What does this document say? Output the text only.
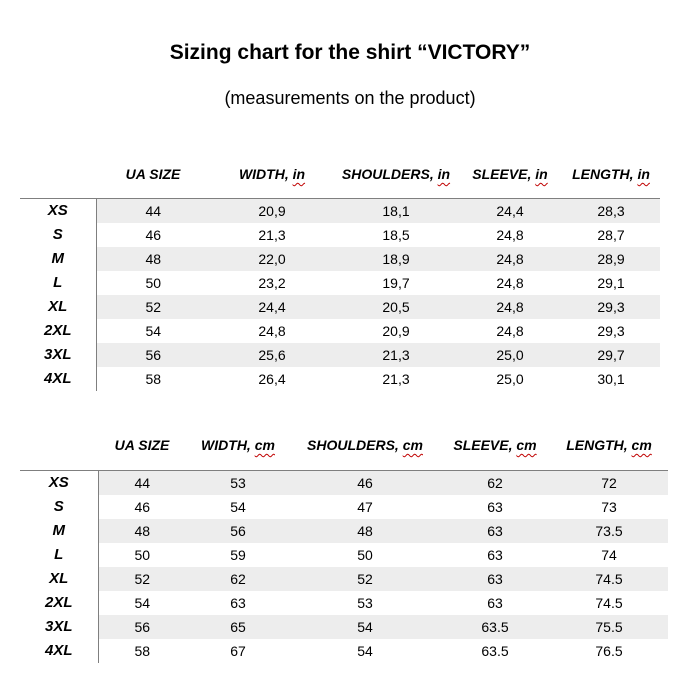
Sizing chart for the shirt “VICTORY”
(measurements on the product)
	UA SIZE	WIDTH, in	SHOULDERS, in	SLEEVE, in	LENGTH, in
XS	44	20,9	18,1	24,4	28,3
S	46	21,3	18,5	24,8	28,7
M	48	22,0	18,9	24,8	28,9
L	50	23,2	19,7	24,8	29,1
XL	52	24,4	20,5	24,8	29,3
2XL	54	24,8	20,9	24,8	29,3
3XL	56	25,6	21,3	25,0	29,7
4XL	58	26,4	21,3	25,0	30,1
	UA SIZE	WIDTH, cm	SHOULDERS, cm	SLEEVE, cm	LENGTH, cm
XS	44	53	46	62	72
S	46	54	47	63	73
M	48	56	48	63	73.5
L	50	59	50	63	74
XL	52	62	52	63	74.5
2XL	54	63	53	63	74.5
3XL	56	65	54	63.5	75.5
4XL	58	67	54	63.5	76.5
